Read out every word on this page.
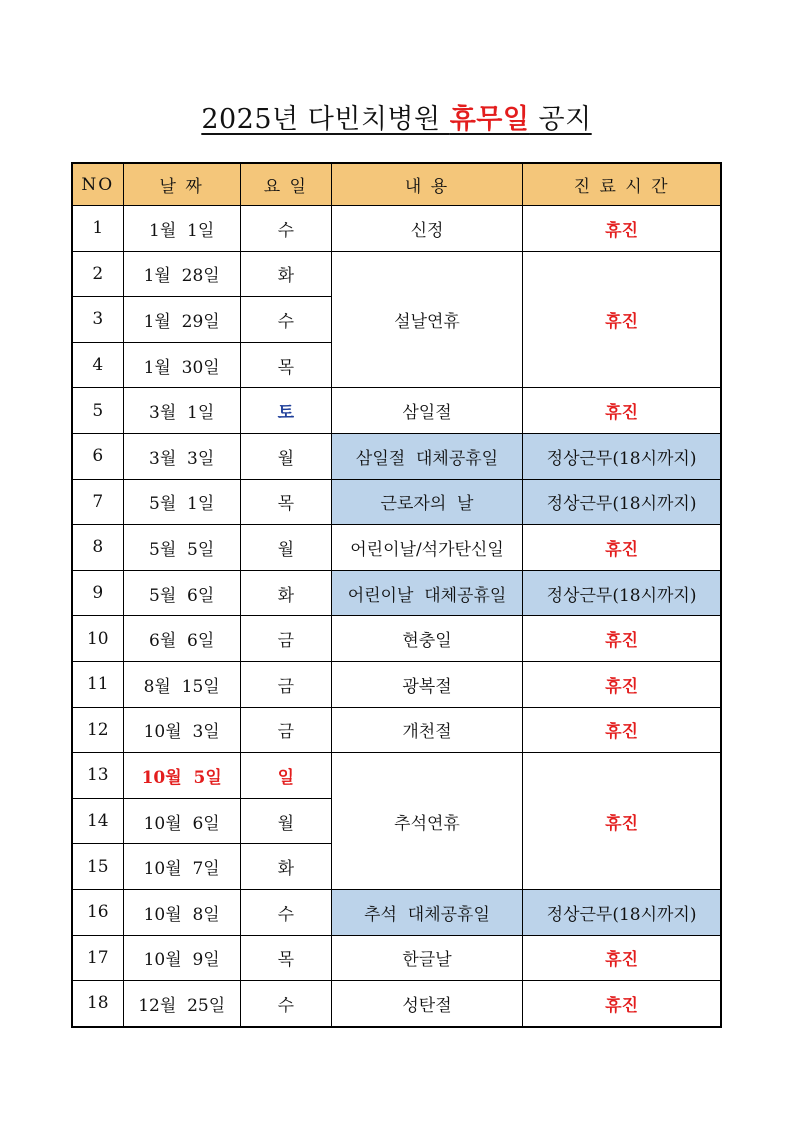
2025년 다빈치병원 휴무일 공지
NO	날 짜	요 일	내 용	진 료 시 간
1	1월  1일	수	신정	휴진
2	1월  28일	화	설날연휴	휴진
3	1월  29일	수		
4	1월  30일	목		
5	3월  1일	토	삼일절	휴진
6	3월  3일	월	삼일절  대체공휴일	정상근무(18시까지)
7	5월  1일	목	근로자의  날	정상근무(18시까지)
8	5월  5일	월	어린이날/석가탄신일	휴진
9	5월  6일	화	어린이날  대체공휴일	정상근무(18시까지)
10	6월  6일	금	현충일	휴진
11	8월  15일	금	광복절	휴진
12	10월  3일	금	개천절	휴진
13	10월  5일	일	추석연휴	휴진
14	10월  6일	월		
15	10월  7일	화		
16	10월  8일	수	추석  대체공휴일	정상근무(18시까지)
17	10월  9일	목	한글날	휴진
18	12월  25일	수	성탄절	휴진
